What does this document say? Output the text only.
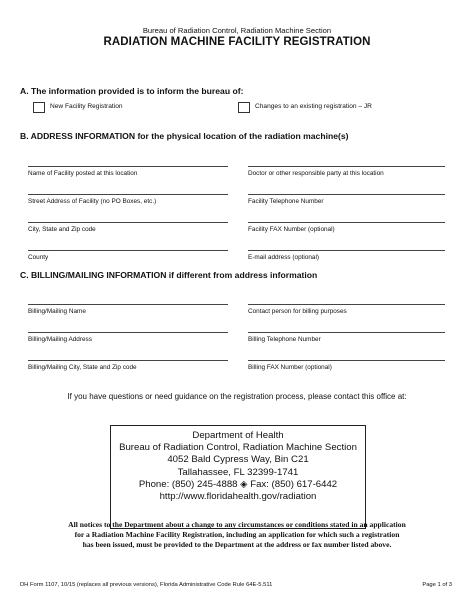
Bureau of Radiation Control, Radiation Machine Section
RADIATION MACHINE FACILITY REGISTRATION
A. The information provided is to inform the bureau of:
New Facility Registration	Changes to an existing registration – JR
B. ADDRESS INFORMATION for the physical location of the radiation machine(s)
Name of Facility posted at this location	Doctor or other responsible party at this location
Street Address of Facility (no PO Boxes, etc.)	Facility Telephone Number
City, State and Zip code	Facility FAX Number (optional)
County	E-mail address (optional)
C. BILLING/MAILING INFORMATION if different from address information
Billing/Mailing Name	Contact person for billing purposes
Billing/Mailing Address	Billing Telephone Number
Billing/Mailing City, State and Zip code	Billing FAX Number (optional)
If you have questions or need guidance on the registration process, please contact this office at:
Department of Health
Bureau of Radiation Control, Radiation Machine Section
4052 Bald Cypress Way, Bin C21
Tallahassee, FL 32399-1741
Phone: (850) 245-4888 ◈ Fax: (850) 617-6442
http://www.floridahealth.gov/radiation
All notices to the Department about a change to any circumstances or conditions stated in an application
for a Radiation Machine Facility Registration, including an application for which such a registration
has been issued, must be provided to the Department at the address or fax number listed above.
DH Form 1107, 10/15 (replaces all previous versions), Florida Administrative Code Rule 64E-5.511	Page 1 of 3
